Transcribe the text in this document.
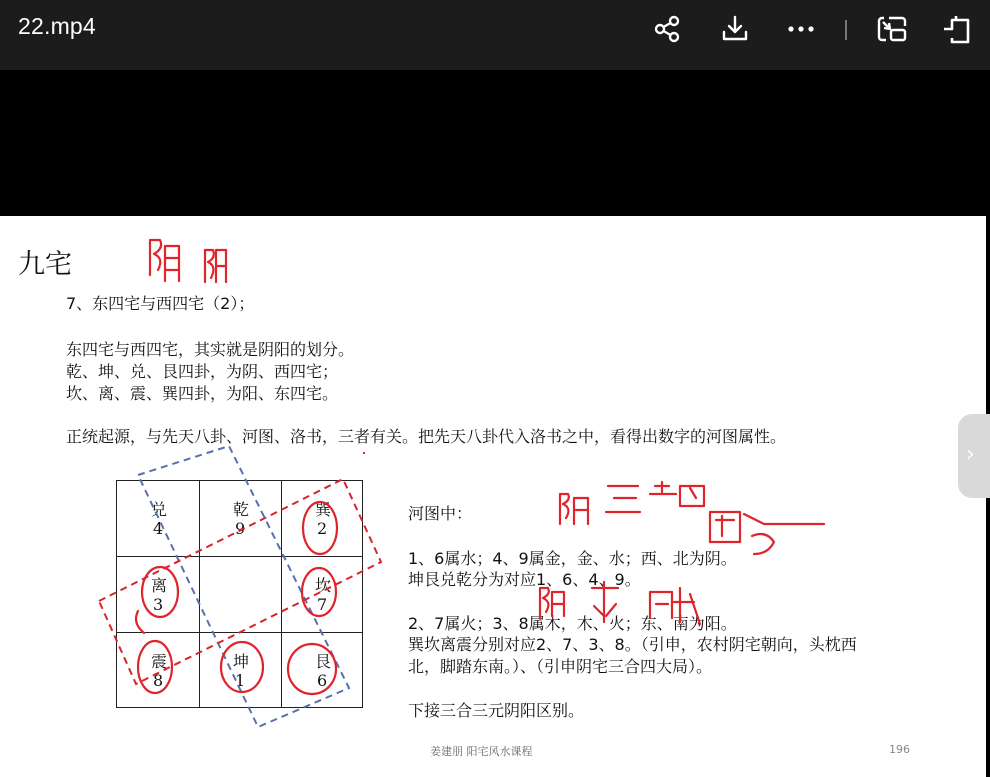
22.mp4
九宅
7、东四宅与西四宅（2）；
东四宅与西四宅，其实就是阴阳的划分。
乾、坤、兑、艮四卦，为阴、西四宅；
坎、离、震、巽四卦，为阳、东四宅。
正统起源，与先天八卦、河图、洛书，三者有关。把先天八卦代入洛书之中，看得出数字的河图属性。
兑
4
乾
9
巽
2
离
3
坎
7
震
8
坤
1
艮
6
河图中：
1、6属水；4、9属金，金、水；西、北为阴。
坤艮兑乾分为对应1、6、4、9。
2、7属火；3、8属木，木、火；东、南为阳。
巽坎离震分别对应2、7、3、8。（引申，农村阴宅朝向，头枕西
北，脚踏东南。）、（引申阴宅三合四大局）。
下接三合三元阴阳区别。
姜建朋 阳宅风水课程	196
›
